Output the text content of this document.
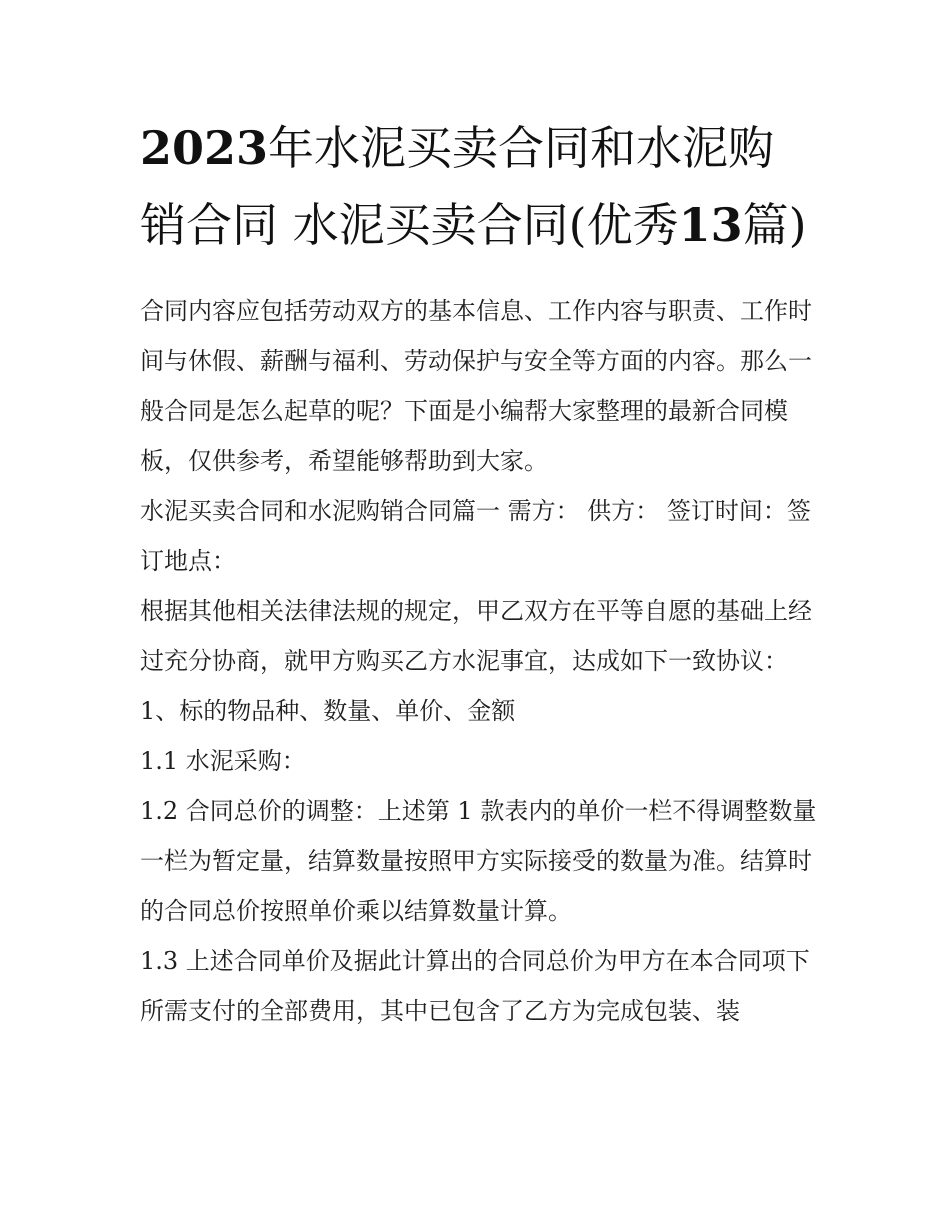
2023年水泥买卖合同和水泥购销合同 水泥买卖合同(优秀13篇)

合同内容应包括劳动双方的基本信息、工作内容与职责、工作时间与休假、薪酬与福利、劳动保护与安全等方面的内容。那么一般合同是怎么起草的呢？下面是小编帮大家整理的最新合同模板，仅供参考，希望能够帮助到大家。

水泥买卖合同和水泥购销合同篇一 需方： 供方： 签订时间：签订地点：

根据其他相关法律法规的规定，甲乙双方在平等自愿的基础上经过充分协商，就甲方购买乙方水泥事宜，达成如下一致协议： 1、标的物品种、数量、单价、金额

1.1 水泥采购：

1.2 合同总价的调整：上述第 1 款表内的单价一栏不得调整数量一栏为暂定量，结算数量按照甲方实际接受的数量为准。结算时的合同总价按照单价乘以结算数量计算。

1.3 上述合同单价及据此计算出的合同总价为甲方在本合同项下所需支付的全部费用，其中已包含了乙方为完成包装、装
